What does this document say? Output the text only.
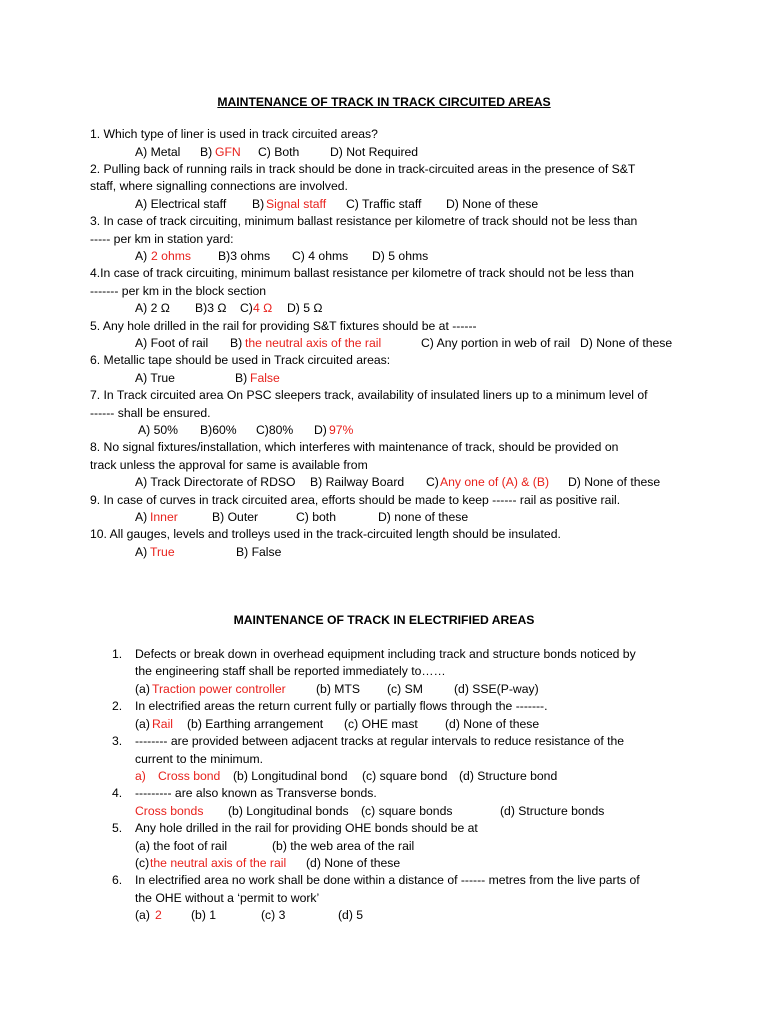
MAINTENANCE OF TRACK IN TRACK CIRCUITED AREAS
1. Which type of liner is used in track circuited areas?
A) Metal B) GFN C) Both	D) Not Required
2. Pulling back of running rails in track should be done in track-circuited areas in the presence of S&T
staff, where signalling connections are involved.
A) Electrical staff B) Signal staff C) Traffic staff D) None of these
3. In case of track circuiting, minimum ballast resistance per kilometre of track should not be less than
----- per km in station yard:
A) 2 ohms B)3 ohms C) 4 ohms D) 5 ohms
4.In case of track circuiting, minimum ballast resistance per kilometre of track should not be less than
------- per km in the block section
A) 2 Ω B)3 Ω C) 4 Ω D) 5 Ω
5. Any hole drilled in the rail for providing S&T fixtures should be at ------
A) Foot of rail B) the neutral axis of the rail	C) Any portion in web of rail D) None of these
6. Metallic tape should be used in Track circuited areas:
A) True	B) False
7. In Track circuited area On PSC sleepers track, availability of insulated liners up to a minimum level of
------ shall be ensured.
A) 50% B)60% C)80% D) 97%
8. No signal fixtures/installation, which interferes with maintenance of track, should be provided on
track unless the approval for same is available from
A) Track Directorate of RDSO B) Railway Board C) Any one of (A) & (B) D) None of these
9. In case of curves in track circuited area, efforts should be made to keep ------ rail as positive rail.
A) Inner	B) Outer	C) both	D) none of these
10. All gauges, levels and trolleys used in the track-circuited length should be insulated.
A) True	B) False
MAINTENANCE OF TRACK IN ELECTRIFIED AREAS
1. Defects or break down in overhead equipment including track and structure bonds noticed by
the engineering staff shall be reported immediately to……
(a) Traction power controller (b) MTS (c) SM	(d) SSE(P-way)
2. In electrified areas the return current fully or partially flows through the -------.
(a) Rail (b) Earthing arrangement (c) OHE mast (d) None of these
3. -------- are provided between adjacent tracks at regular intervals to reduce resistance of the
current to the minimum.
a) Cross bond (b) Longitudinal bond (c) square bond (d) Structure bond
4. --------- are also known as Transverse bonds.
Cross bonds (b) Longitudinal bonds (c) square bonds	(d) Structure bonds
5. Any hole drilled in the rail for providing OHE bonds should be at
(a) the foot of rail	(b) the web area of the rail
(c) the neutral axis of the rail (d) None of these
6. In electrified area no work shall be done within a distance of ------ metres from the live parts of
the OHE without a ‘permit to work’
(a) 2 (b) 1	(c) 3	(d) 5
